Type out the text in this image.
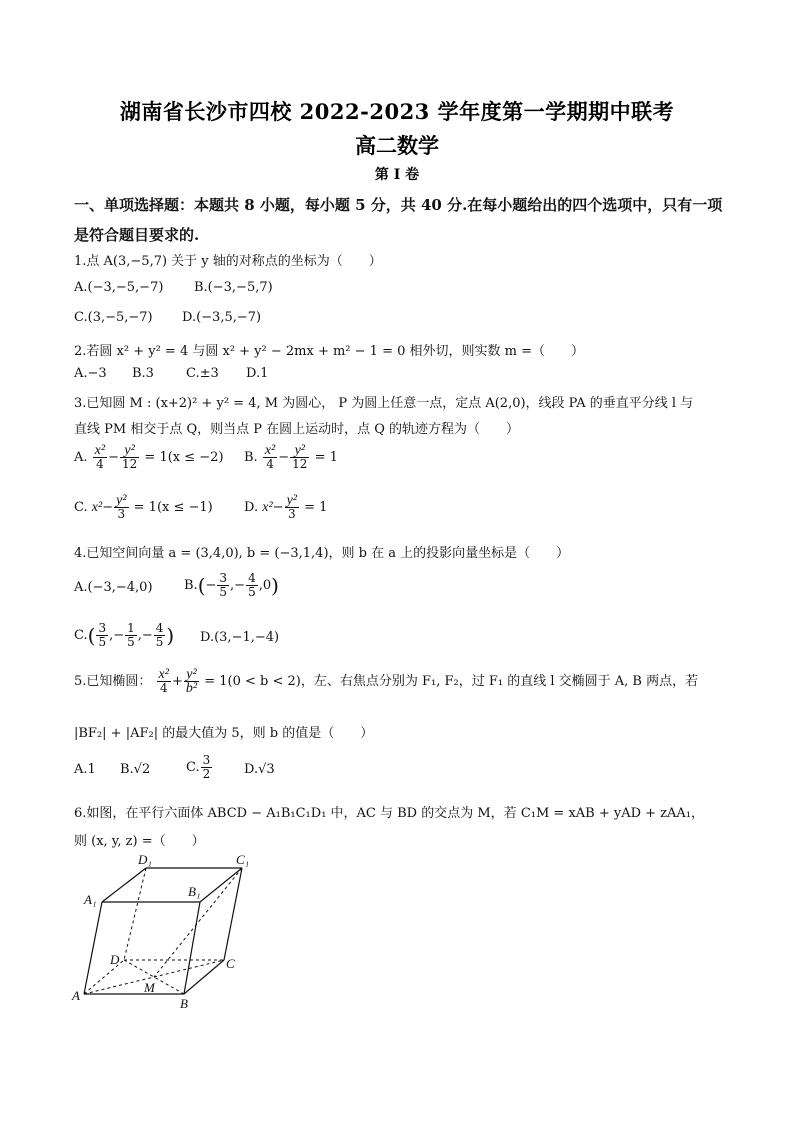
湖南省长沙市四校 2022-2023 学年度第一学期期中联考
高二数学
第 I 卷
一、单项选择题：本题共 8 小题，每小题 5 分，共 40 分.在每小题给出的四个选项中，只有一项是符合题目要求的.
1.点 A(3,−5,7) 关于 y 轴的对称点的坐标为（　　）
A.(−3,−5,−7) B.(−3,−5,7)
C.(3,−5,−7) D.(−3,5,−7)
2.若圆 x² + y² = 4 与圆 x² + y² − 2mx + m² − 1 = 0 相外切，则实数 m =（　　）
A.−3 B.3 C.±3 D.1
3.已知圆 M : (x+2)² + y² = 4, M 为圆心， P 为圆上任意一点，定点 A(2,0)，线段 PA 的垂直平分线 l 与
直线 PM 相交于点 Q，则当点 P 在圆上运动时，点 Q 的轨迹方程为（　　）
A. $\frac{\text{x²}}{4} - \frac{\text{y²}}{12} = 1(x \le -2)$ B. $\frac{\text{x²}}{4} - \frac{\text{y²}}{12} = 1$
C. $x^2- \frac{\text{y²}}{3} = 1(x \le -1)$ D. $x^2- \frac{\text{y²}}{3} = 1$
4.已知空间向量 a = (3,4,0), b = (−3,1,4)，则 b 在 a 上的投影向量坐标是（　　）
A.(−3,−4,0) $B.(- \frac{3}{5}$ ,− $\frac{4}{5} ,0$)
$C.( \frac{3}{5}$ ,− $\frac{1}{5}$ ,− $\frac{4}{5}$ ) D.(3,−1,−4)
5.已知椭圆： $\frac{\text{x²}}{4} + \frac{\text{y²}}{\text{b²}} = 1(0 < b < 2)$，左、右焦点分别为 F₁, F₂，过 F₁ 的直线 l 交椭圆于 A, B 两点，若
|BF₂| + |AF₂| 的最大值为 5，则 b 的值是（　　）
A.1 B.√2	C. $\frac{3}{2} D.√3$
6.如图，在平行六面体 ABCD − A₁B₁C₁D₁ 中，AC 与 BD 的交点为 M，若 C₁M = xAB + yAD + zAA₁，
则 (x, y, z) =（　　）
D₁	C₁
A₁
B₁
D	C
A
M
B
